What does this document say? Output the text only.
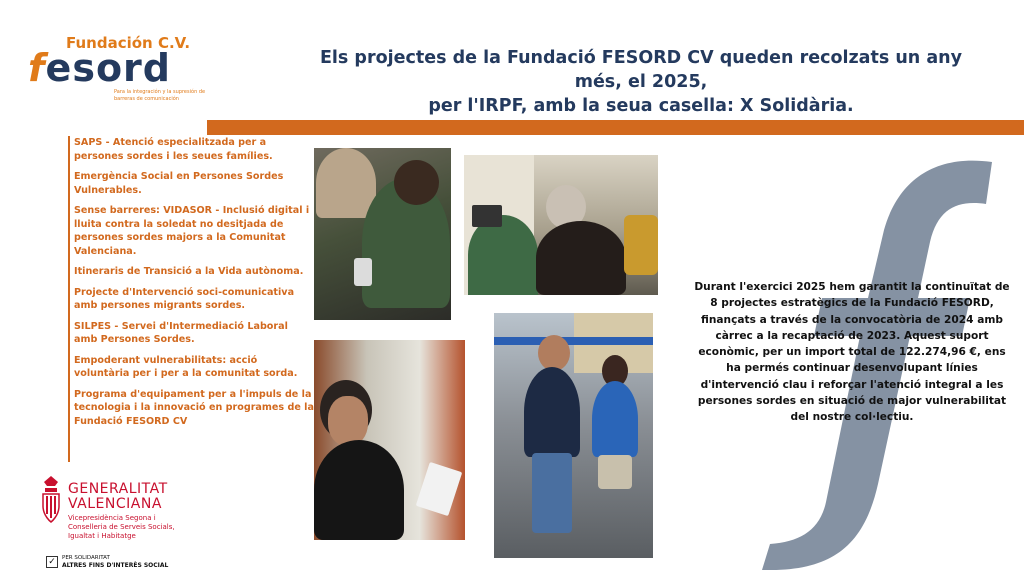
Fundación C.V.
fesord
Para la integración y la supresión de barreras de comunicación
Els projectes de la Fundació FESORD CV queden recolzats un any més, el 2025,
per l'IRPF, amb la seua casella: X Solidària.
SAPS - Atenció especialitzada per a persones sordes i les seues famílies.
Emergència Social en Persones Sordes Vulnerables.
Sense barreres: VIDASOR - Inclusió digital i lluita contra la soledat no desitjada de persones sordes majors a la Comunitat Valenciana.
Itineraris de Transició a la Vida autònoma.
Projecte d'Intervenció soci-comunicativa amb persones migrants sordes.
SILPES - Servei d'Intermediació Laboral amb Persones Sordes.
Empoderant vulnerabilitats: acció voluntària per i per a la comunitat sorda.
Programa d'equipament per a l'impuls de la tecnologia i la innovació en programes de la Fundació FESORD CV
Durant l'exercici 2025 hem garantit la continuïtat de 8 projectes estratègics de la Fundació FESORD, finançats a través de la convocatòria de 2024 amb càrrec a la recaptació de 2023. Aquest suport econòmic, per un import total de 122.274,96 €, ens ha permés continuar desenvolupant línies d'intervenció clau i reforçar l'atenció integral a les persones sordes en situació de major vulnerabilitat del nostre col·lectiu.
GENERALITAT
VALENCIANA
Vicepresidència Segona i
Conselleria de Serveis Socials,
Igualtat i Habitatge
✓	PER SOLIDARITAT
ALTRES FINS D'INTERÈS SOCIAL
